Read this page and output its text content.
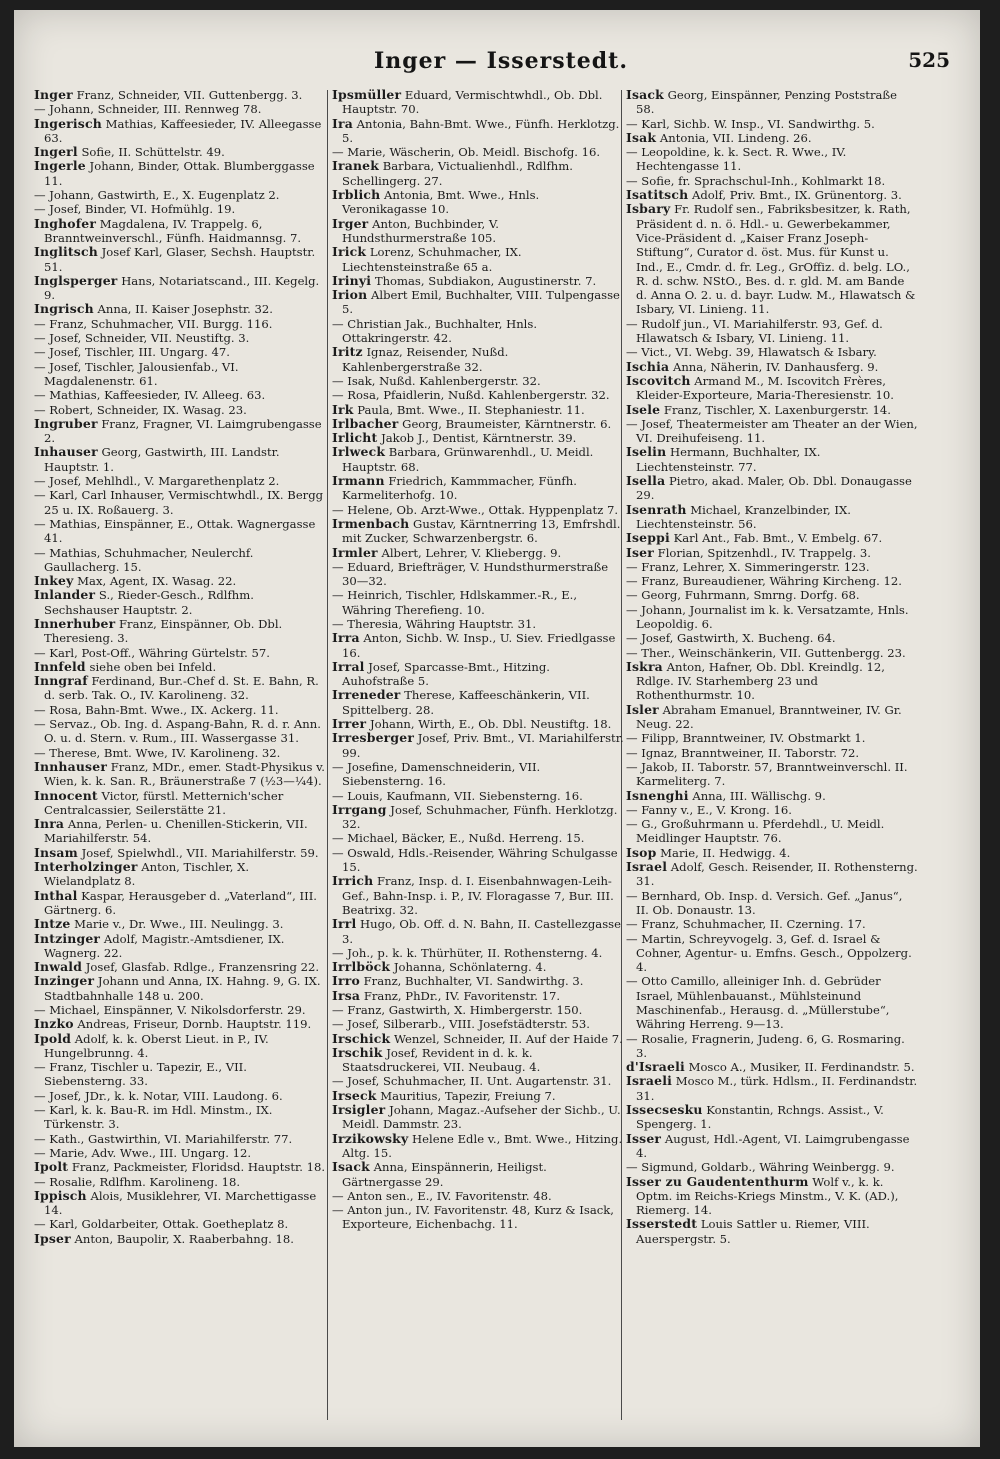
Inger — Isserstedt.	525

Inger Franz, Schneider, VII. Guttenbergg. 3.

— Johann, Schneider, III. Rennweg 78.

Ingerisch Mathias, Kaffeesieder, IV. Alleegasse 63.

Ingerl Sofie, II. Schüttelstr. 49.

Ingerle Johann, Binder, Ottak. Blumberggasse 11.

— Johann, Gastwirth, E., X. Eugenplatz 2.

— Josef, Binder, VI. Hofmühlg. 19.

Inghofer Magdalena, IV. Trappelg. 6, Branntweinverschl., Fünfh. Haidmannsg. 7.

Inglitsch Josef Karl, Glaser, Sechsh. Hauptstr. 51.

Inglsperger Hans, Notariatscand., III. Kegelg. 9.

Ingrisch Anna, II. Kaiser Josephstr. 32.

— Franz, Schuhmacher, VII. Burgg. 116.

— Josef, Schneider, VII. Neustiftg. 3.

— Josef, Tischler, III. Ungarg. 47.

— Josef, Tischler, Jalousienfab., VI. Magdalenenstr. 61.

— Mathias, Kaffeesieder, IV. Alleeg. 63.

— Robert, Schneider, IX. Wasag. 23.

Ingruber Franz, Fragner, VI. Laimgrubengasse 2.

Inhauser Georg, Gastwirth, III. Landstr. Hauptstr. 1.

— Josef, Mehlhdl., V. Margarethenplatz 2.

— Karl, Carl Inhauser, Vermischtwhdl., IX. Bergg 25 u. IX. Roßauerg. 3.

— Mathias, Einspänner, E., Ottak. Wagnergasse 41.

— Mathias, Schuhmacher, Neulerchf. Gaullacherg. 15.

Inkey Max, Agent, IX. Wasag. 22.

Inlander S., Rieder-Gesch., Rdlfhm. Sechshauser Hauptstr. 2.

Innerhuber Franz, Einspänner, Ob. Dbl. Theresieng. 3.

— Karl, Post-Off., Währing Gürtelstr. 57.

Innfeld siehe oben bei Infeld.

Inngraf Ferdinand, Bur.-Chef d. St. E. Bahn, R. d. serb. Tak. O., IV. Karolineng. 32.

— Rosa, Bahn-Bmt. Wwe., IX. Ackerg. 11.

— Servaz., Ob. Ing. d. Aspang-Bahn, R. d. r. Ann. O. u. d. Stern. v. Rum., III. Wassergasse 31.

— Therese, Bmt. Wwe, IV. Karolineng. 32.

Innhauser Franz, MDr., emer. Stadt-Physikus v. Wien, k. k. San. R., Bräunerstraße 7 (½3—¼4).

Innocent Victor, fürstl. Metternich'scher Centralcassier, Seilerstätte 21.

Inra Anna, Perlen- u. Chenillen-Stickerin, VII. Mariahilferstr. 54.

Insam Josef, Spielwhdl., VII. Mariahilferstr. 59.

Interholzinger Anton, Tischler, X. Wielandplatz 8.

Inthal Kaspar, Herausgeber d. „Vaterland“, III. Gärtnerg. 6.

Intze Marie v., Dr. Wwe., III. Neulingg. 3.

Intzinger Adolf, Magistr.-Amtsdiener, IX. Wagnerg. 22.

Inwald Josef, Glasfab. Rdlge., Franzensring 22.

Inzinger Johann und Anna, IX. Hahng. 9, G. IX. Stadtbahnhalle 148 u. 200.

— Michael, Einspänner, V. Nikolsdorferstr. 29.

Inzko Andreas, Friseur, Dornb. Hauptstr. 119.

Ipold Adolf, k. k. Oberst Lieut. in P., IV. Hungelbrunng. 4.

— Franz, Tischler u. Tapezir, E., VII. Siebensterng. 33.

— Josef, JDr., k. k. Notar, VIII. Laudong. 6.

— Karl, k. k. Bau-R. im Hdl. Minstm., IX. Türkenstr. 3.

— Kath., Gastwirthin, VI. Mariahilferstr. 77.

— Marie, Adv. Wwe., III. Ungarg. 12.

Ipolt Franz, Packmeister, Floridsd. Hauptstr. 18.

— Rosalie, Rdlfhm. Karolineng. 18.

Ippisch Alois, Musiklehrer, VI. Marchettigasse 14.

— Karl, Goldarbeiter, Ottak. Goetheplatz 8.

Ipser Anton, Baupolir, X. Raaberbahng. 18.

Ipsmüller Eduard, Vermischtwhdl., Ob. Dbl. Hauptstr. 70.

Ira Antonia, Bahn-Bmt. Wwe., Fünfh. Herklotzg. 5.

— Marie, Wäscherin, Ob. Meidl. Bischofg. 16.

Iranek Barbara, Victualienhdl., Rdlfhm. Schellingerg. 27.

Irblich Antonia, Bmt. Wwe., Hnls. Veronikagasse 10.

Irger Anton, Buchbinder, V. Hundsthurmerstraße 105.

Irick Lorenz, Schuhmacher, IX. Liechtensteinstraße 65 a.

Irinyi Thomas, Subdiakon, Augustinerstr. 7.

Irion Albert Emil, Buchhalter, VIII. Tulpengasse 5.

— Christian Jak., Buchhalter, Hnls. Ottakringerstr. 42.

Iritz Ignaz, Reisender, Nußd. Kahlenbergerstraße 32.

— Isak, Nußd. Kahlenbergerstr. 32.

— Rosa, Pfaidlerin, Nußd. Kahlenbergerstr. 32.

Irk Paula, Bmt. Wwe., II. Stephaniestr. 11.

Irlbacher Georg, Braumeister, Kärntnerstr. 6.

Irlicht Jakob J., Dentist, Kärntnerstr. 39.

Irlweck Barbara, Grünwarenhdl., U. Meidl. Hauptstr. 68.

Irmann Friedrich, Kammmacher, Fünfh. Karmeliterhofg. 10.

— Helene, Ob. Arzt-Wwe., Ottak. Hyppenplatz 7.

Irmenbach Gustav, Kärntnerring 13, Emfrshdl. mit Zucker, Schwarzenbergstr. 6.

Irmler Albert, Lehrer, V. Kliebergg. 9.

— Eduard, Briefträger, V. Hundsthurmerstraße 30—32.

— Heinrich, Tischler, Hdlskammer.-R., E., Währing Therefieng. 10.

— Theresia, Währing Hauptstr. 31.

Irra Anton, Sichb. W. Insp., U. Siev. Friedlgasse 16.

Irral Josef, Sparcasse-Bmt., Hitzing. Auhofstraße 5.

Irreneder Therese, Kaffeeschänkerin, VII. Spittelberg. 28.

Irrer Johann, Wirth, E., Ob. Dbl. Neustiftg. 18.

Irresberger Josef, Priv. Bmt., VI. Mariahilferstr. 99.

— Josefine, Damenschneiderin, VII. Siebensterng. 16.

— Louis, Kaufmann, VII. Siebensterng. 16.

Irrgang Josef, Schuhmacher, Fünfh. Herklotzg. 32.

— Michael, Bäcker, E., Nußd. Herreng. 15.

— Oswald, Hdls.-Reisender, Währing Schulgasse 15.

Irrich Franz, Insp. d. I. Eisenbahnwagen-Leih-Gef., Bahn-Insp. i. P., IV. Floragasse 7, Bur. III. Beatrixg. 32.

Irrl Hugo, Ob. Off. d. N. Bahn, II. Castellezgasse 3.

— Joh., p. k. k. Thürhüter, II. Rothensterng. 4.

Irrlböck Johanna, Schönlaterng. 4.

Irro Franz, Buchhalter, VI. Sandwirthg. 3.

Irsa Franz, PhDr., IV. Favoritenstr. 17.

— Franz, Gastwirth, X. Himbergerstr. 150.

— Josef, Silberarb., VIII. Josefstädterstr. 53.

Irschick Wenzel, Schneider, II. Auf der Haide 7.

Irschik Josef, Revident in d. k. k. Staatsdruckerei, VII. Neubaug. 4.

— Josef, Schuhmacher, II. Unt. Augartenstr. 31.

Irseck Mauritius, Tapezir, Freiung 7.

Irsigler Johann, Magaz.-Aufseher der Sichb., U. Meidl. Dammstr. 23.

Irzikowsky Helene Edle v., Bmt. Wwe., Hitzing. Altg. 15.

Isack Anna, Einspännerin, Heiligst. Gärtnergasse 29.

— Anton sen., E., IV. Favoritenstr. 48.

— Anton jun., IV. Favoritenstr. 48, Kurz & Isack, Exporteure, Eichenbachg. 11.

Isack Georg, Einspänner, Penzing Poststraße 58.

— Karl, Sichb. W. Insp., VI. Sandwirthg. 5.

Isak Antonia, VII. Lindeng. 26.

— Leopoldine, k. k. Sect. R. Wwe., IV. Hechtengasse 11.

— Sofie, fr. Sprachschul-Inh., Kohlmarkt 18.

Isatitsch Adolf, Priv. Bmt., IX. Grünentorg. 3.

Isbary Fr. Rudolf sen., Fabriksbesitzer, k. Rath, Präsident d. n. ö. Hdl.- u. Gewerbekammer, Vice-Präsident d. „Kaiser Franz Joseph-Stiftung“, Curator d. öst. Mus. für Kunst u. Ind., E., Cmdr. d. fr. Leg., GrOffiz. d. belg. LO., R. d. schw. NStO., Bes. d. r. gld. M. am Bande d. Anna O. 2. u. d. bayr. Ludw. M., Hlawatsch & Isbary, VI. Linieng. 11.

— Rudolf jun., VI. Mariahilferstr. 93, Gef. d. Hlawatsch & Isbary, VI. Linieng. 11.

— Vict., VI. Webg. 39, Hlawatsch & Isbary.

Ischia Anna, Näherin, IV. Danhausferg. 9.

Iscovitch Armand M., M. Iscovitch Frères, Kleider-Exporteure, Maria-Theresienstr. 10.

Isele Franz, Tischler, X. Laxenburgerstr. 14.

— Josef, Theatermeister am Theater an der Wien, VI. Dreihufeiseng. 11.

Iselin Hermann, Buchhalter, IX. Liechtensteinstr. 77.

Isella Pietro, akad. Maler, Ob. Dbl. Donaugasse 29.

Isenrath Michael, Kranzelbinder, IX. Liechtensteinstr. 56.

Iseppi Karl Ant., Fab. Bmt., V. Embelg. 67.

Iser Florian, Spitzenhdl., IV. Trappelg. 3.

— Franz, Lehrer, X. Simmeringerstr. 123.

— Franz, Bureaudiener, Währing Kircheng. 12.

— Georg, Fuhrmann, Smrng. Dorfg. 68.

— Johann, Journalist im k. k. Versatzamte, Hnls. Leopoldig. 6.

— Josef, Gastwirth, X. Bucheng. 64.

— Ther., Weinschänkerin, VII. Guttenbergg. 23.

Iskra Anton, Hafner, Ob. Dbl. Kreindlg. 12, Rdlge. IV. Starhemberg 23 und Rothenthurmstr. 10.

Isler Abraham Emanuel, Branntweiner, IV. Gr. Neug. 22.

— Filipp, Branntweiner, IV. Obstmarkt 1.

— Ignaz, Branntweiner, II. Taborstr. 72.

— Jakob, II. Taborstr. 57, Branntweinverschl. II. Karmeliterg. 7.

Isnenghi Anna, III. Wällischg. 9.

— Fanny v., E., V. Krong. 16.

— G., Großuhrmann u. Pferdehdl., U. Meidl. Meidlinger Hauptstr. 76.

Isop Marie, II. Hedwigg. 4.

Israel Adolf, Gesch. Reisender, II. Rothensterng. 31.

— Bernhard, Ob. Insp. d. Versich. Gef. „Janus“, II. Ob. Donaustr. 13.

— Franz, Schuhmacher, II. Czerning. 17.

— Martin, Schreyvogelg. 3, Gef. d. Israel & Cohner, Agentur- u. Emfns. Gesch., Oppolzerg. 4.

— Otto Camillo, alleiniger Inh. d. Gebrüder Israel, Mühlenbauanst., Mühlsteinund Maschinenfab., Herausg. d. „Müllerstube“, Währing Herreng. 9—13.

— Rosalie, Fragnerin, Judeng. 6, G. Rosmaring. 3.

d'Israeli Mosco A., Musiker, II. Ferdinandstr. 5.

Israeli Mosco M., türk. Hdlsm., II. Ferdinandstr. 31.

Issecsesku Konstantin, Rchngs. Assist., V. Spengerg. 1.

Isser August, Hdl.-Agent, VI. Laimgrubengasse 4.

— Sigmund, Goldarb., Währing Weinbergg. 9.

Isser zu Gaudententhurm Wolf v., k. k. Optm. im Reichs-Kriegs Minstm., V. K. (AD.), Riemerg. 14.

Isserstedt Louis Sattler u. Riemer, VIII. Auerspergstr. 5.
